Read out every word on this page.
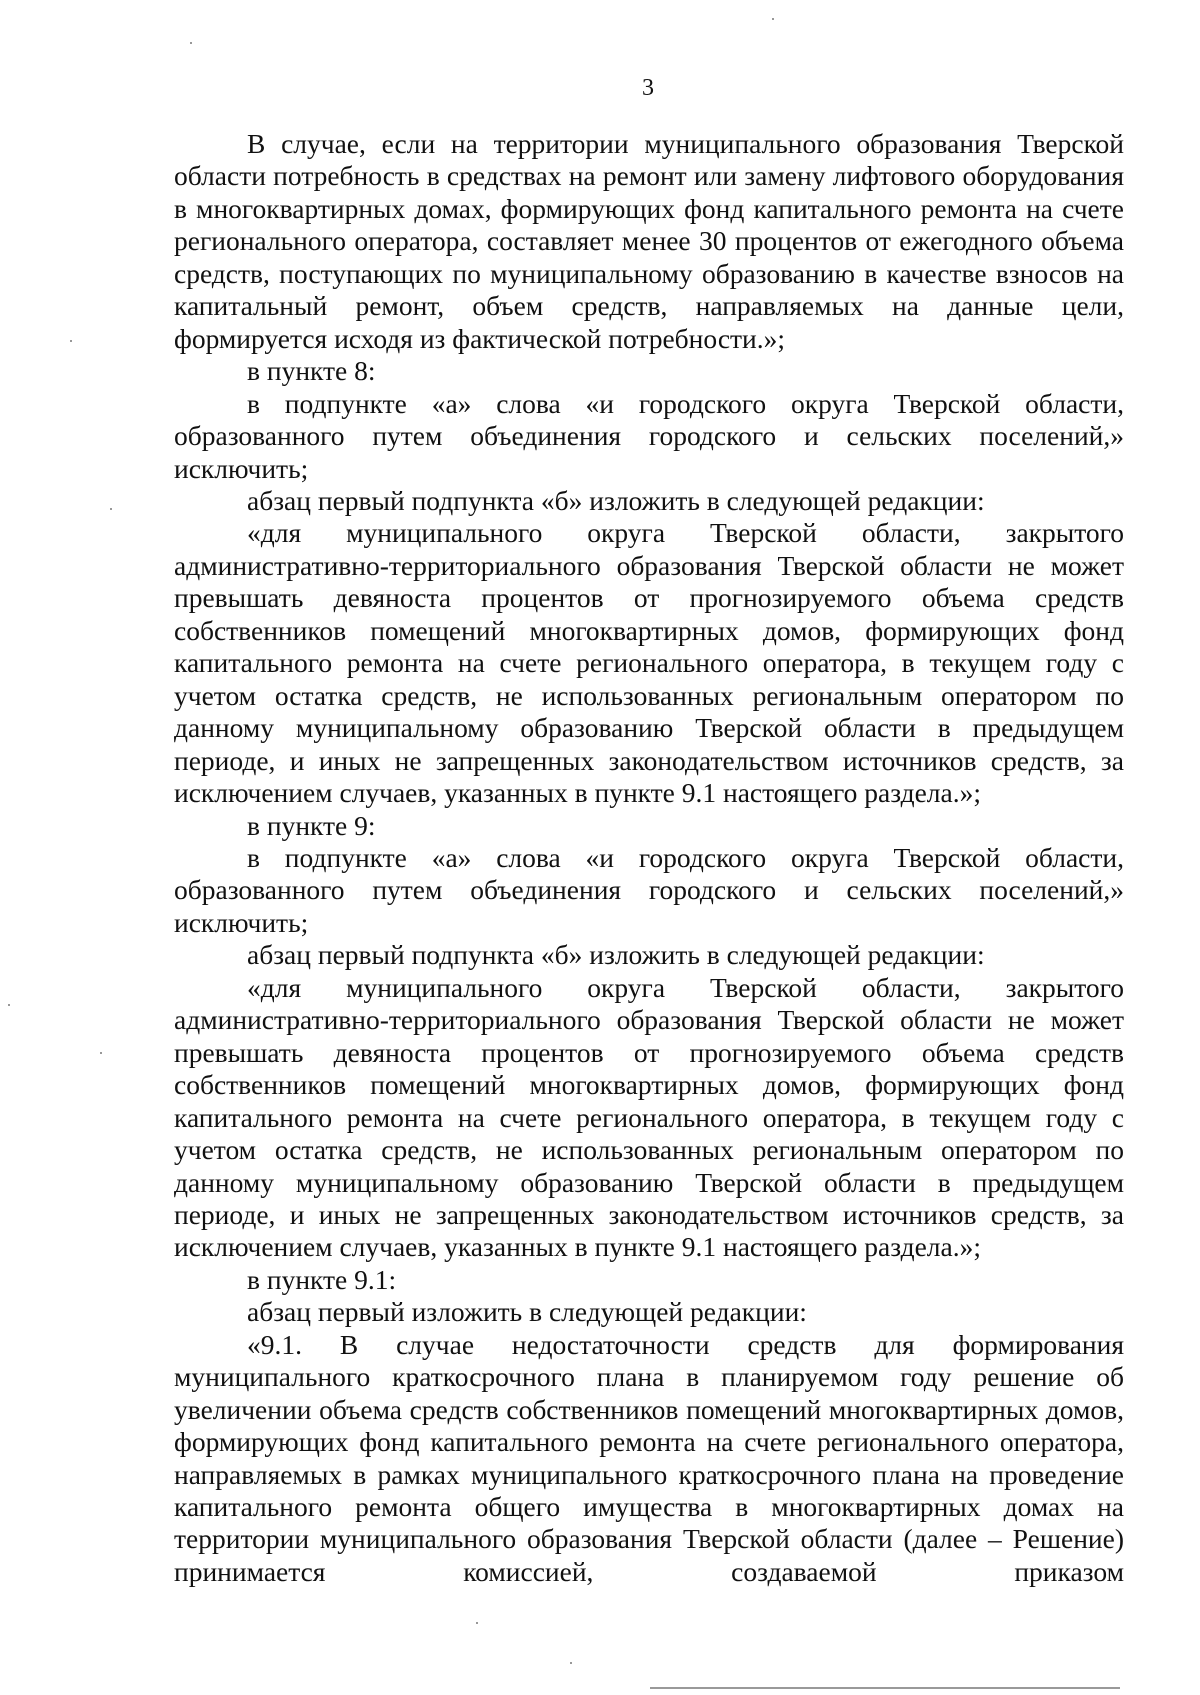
3

В случае, если на территории муниципального образования Тверской области потребность в средствах на ремонт или замену лифтового оборудования в многоквартирных домах, формирующих фонд капитального ремонта на счете регионального оператора, составляет менее 30 процентов от ежегодного объема средств, поступающих по муниципальному образованию в качестве взносов на капитальный ремонт, объем средств, направляемых на данные цели, формируется исходя из фактической потребности.»;

в пункте 8:

в подпункте «а» слова «и городского округа Тверской области, образованного путем объединения городского и сельских поселений,» исключить;

абзац первый подпункта «б» изложить в следующей редакции:

«для муниципального округа Тверской области, закрытого административно-территориального образования Тверской области не может превышать девяноста процентов от прогнозируемого объема средств собственников помещений многоквартирных домов, формирующих фонд капитального ремонта на счете регионального оператора, в текущем году с учетом остатка средств, не использованных региональным оператором по данному муниципальному образованию Тверской области в предыдущем периоде, и иных не запрещенных законодательством источников средств, за исключением случаев, указанных в пункте 9.1 настоящего раздела.»;

в пункте 9:

в подпункте «а» слова «и городского округа Тверской области, образованного путем объединения городского и сельских поселений,» исключить;

абзац первый подпункта «б» изложить в следующей редакции:

«для муниципального округа Тверской области, закрытого административно-территориального образования Тверской области не может превышать девяноста процентов от прогнозируемого объема средств собственников помещений многоквартирных домов, формирующих фонд капитального ремонта на счете регионального оператора, в текущем году с учетом остатка средств, не использованных региональным оператором по данному муниципальному образованию Тверской области в предыдущем периоде, и иных не запрещенных законодательством источников средств, за исключением случаев, указанных в пункте 9.1 настоящего раздела.»;

в пункте 9.1:

абзац первый изложить в следующей редакции:

«9.1. В случае недостаточности средств для формирования муниципального краткосрочного плана в планируемом году решение об увеличении объема средств собственников помещений многоквартирных домов, формирующих фонд капитального ремонта на счете регионального оператора, направляемых в рамках муниципального краткосрочного плана на проведение капитального ремонта общего имущества в многоквартирных домах на территории муниципального образования Тверской области (далее – Решение) принимается комиссией, создаваемой приказом
